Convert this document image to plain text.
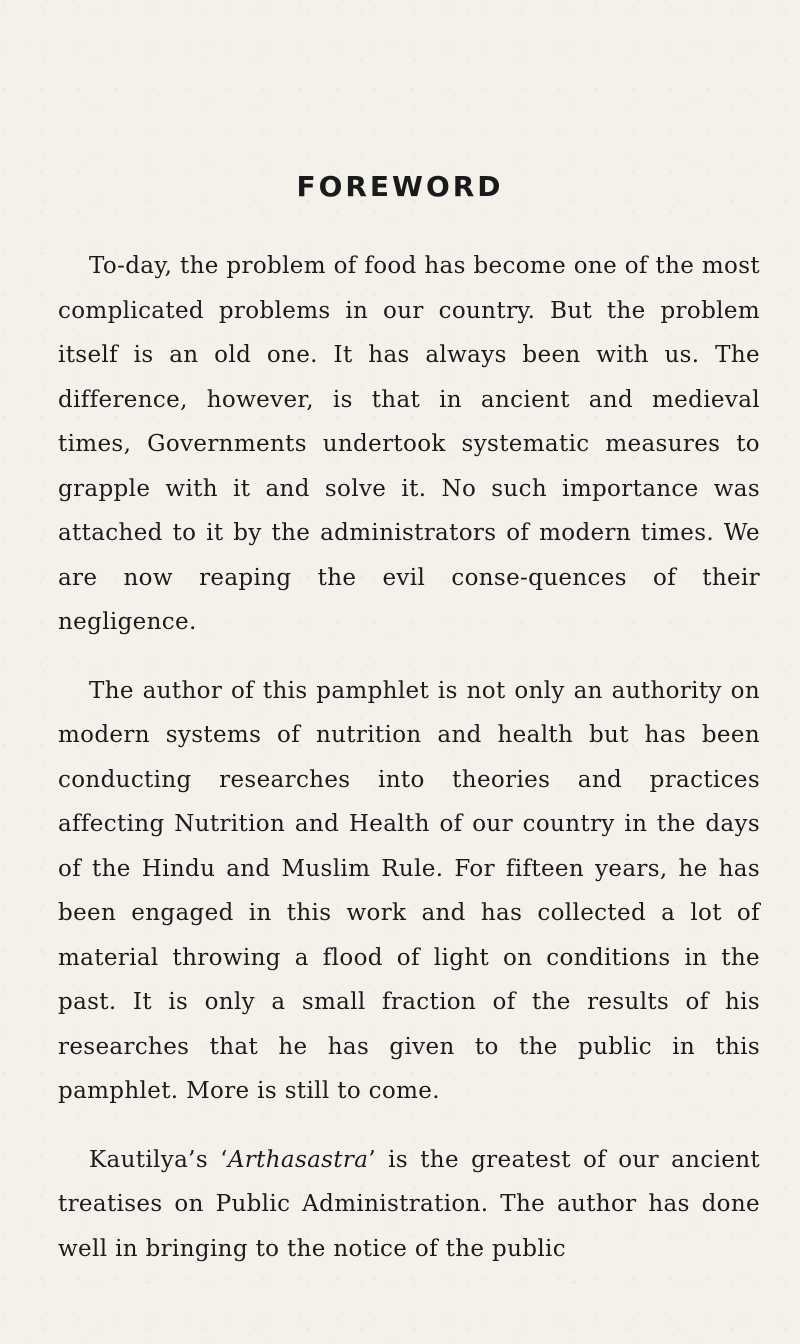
FOREWORD

To-day, the problem of food has become one of the most complicated problems in our country. But the problem itself is an old one. It has always been with us. The difference, however, is that in ancient and medieval times, Governments undertook systematic measures to grapple with it and solve it. No such importance was attached to it by the administrators of modern times. We are now reaping the evil conse-quences of their negligence.

The author of this pamphlet is not only an authority on modern systems of nutrition and health but has been conducting researches into theories and practices affecting Nutrition and Health of our country in the days of the Hindu and Muslim Rule. For fifteen years, he has been engaged in this work and has collected a lot of material throwing a flood of light on conditions in the past. It is only a small fraction of the results of his researches that he has given to the public in this pamphlet. More is still to come.

Kautilya’s ‘Arthasastra’ is the greatest of our ancient treatises on Public Administration. The author has done well in bringing to the notice of the public
